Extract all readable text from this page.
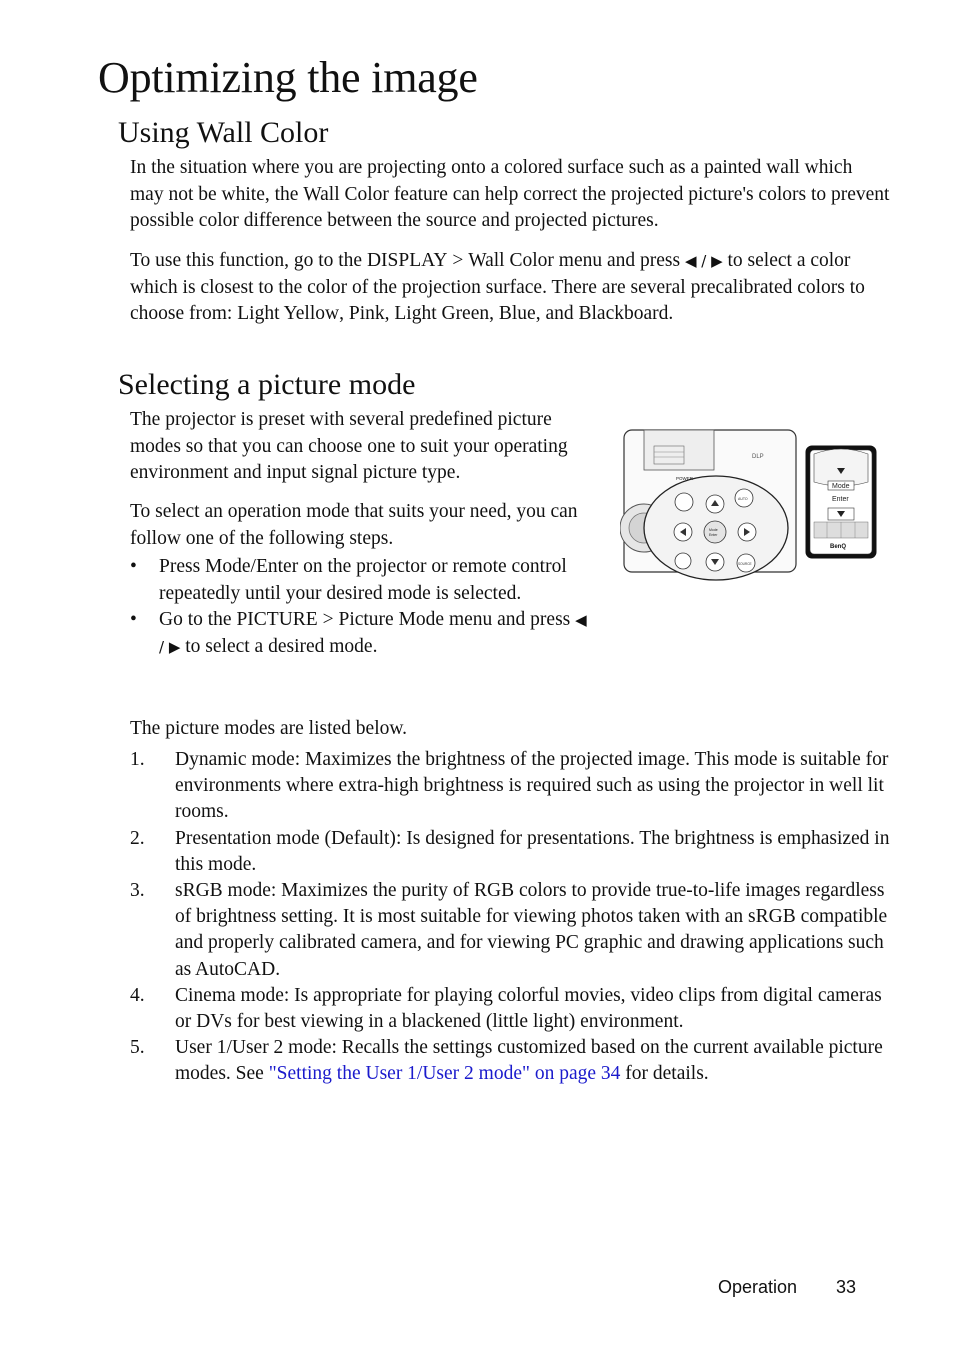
Optimizing the image
Using Wall Color

In the situation where you are projecting onto a colored surface such as a painted wall which may not be white, the Wall Color feature can help correct the projected picture's colors to prevent possible color difference between the source and projected pictures.

To use this function, go to the DISPLAY > Wall Color menu and press ◀ / ▶ to select a color which is closest to the color of the projection surface. There are several precalibrated colors to choose from: Light Yellow, Pink, Light Green, Blue, and Blackboard.

Selecting a picture mode

The projector is preset with several predefined picture modes so that you can choose one to suit your operating environment and input signal picture type.

To select an operation mode that suits your need, you can follow one of the following steps.

• Press Mode/Enter on the projector or remote control repeatedly until your desired mode is selected.
• Go to the PICTURE > Picture Mode menu and press ◀ / ▶ to select a desired mode.
DLP
POWER
AUTO
Mode
Enter
SOURCE
Mode
Enter
BenQ

The picture modes are listed below.

1. Dynamic mode: Maximizes the brightness of the projected image. This mode is suitable for environments where extra-high brightness is required such as using the projector in well lit rooms.
2. Presentation mode (Default): Is designed for presentations. The brightness is emphasized in this mode.
3. sRGB mode: Maximizes the purity of RGB colors to provide true-to-life images regardless of brightness setting. It is most suitable for viewing photos taken with an sRGB compatible and properly calibrated camera, and for viewing PC graphic and drawing applications such as AutoCAD.
4. Cinema mode: Is appropriate for playing colorful movies, video clips from digital cameras or DVs for best viewing in a blackened (little light) environment.
5. User 1/User 2 mode: Recalls the settings customized based on the current available picture modes. See "Setting the User 1/User 2 mode" on page 34 for details.
Operation 33
